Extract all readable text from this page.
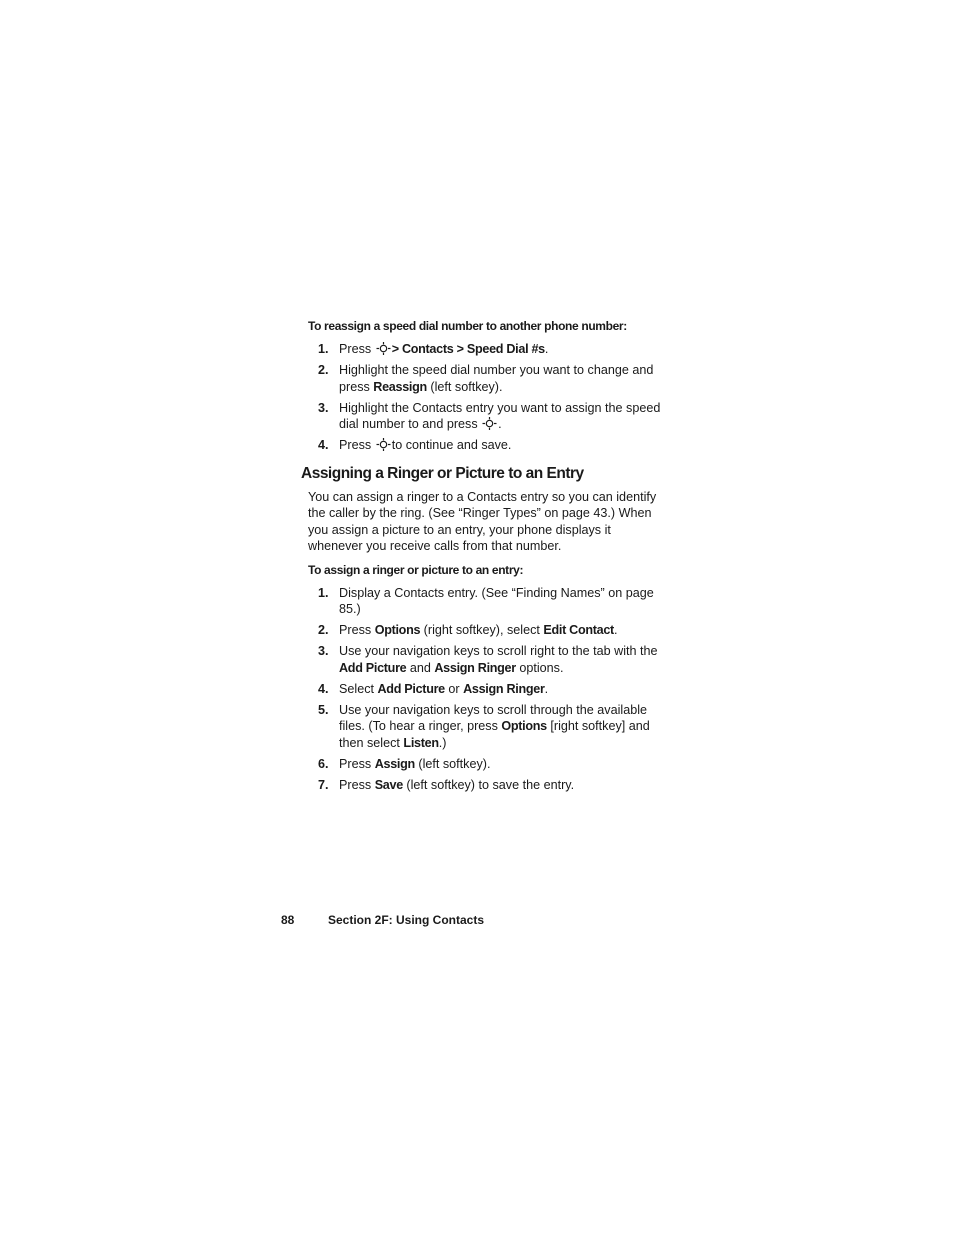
To reassign a speed dial number to another phone number:

1. Press
> Contacts > Speed Dial #s.
2. Highlight the speed dial number you want to change and press Reassign (left softkey).
3. Highlight the Contacts entry you want to assign the speed dial number to and press
.
4. Press
to continue and save.
Assigning a Ringer or Picture to an Entry

You can assign a ringer to a Contacts entry so you can identify the caller by the ring. (See “Ringer Types” on page 43.) When you assign a picture to an entry, your phone displays it whenever you receive calls from that number.

To assign a ringer or picture to an entry:

1. Display a Contacts entry. (See “Finding Names” on page 85.)
2. Press Options (right softkey), select Edit Contact.
3. Use your navigation keys to scroll right to the tab with the Add Picture and Assign Ringer options.
4. Select Add Picture or Assign Ringer.
5. Use your navigation keys to scroll through the available files. (To hear a ringer, press Options [right softkey] and then select Listen.)
6. Press Assign (left softkey).
7. Press Save (left softkey) to save the entry.
88	Section 2F: Using Contacts
